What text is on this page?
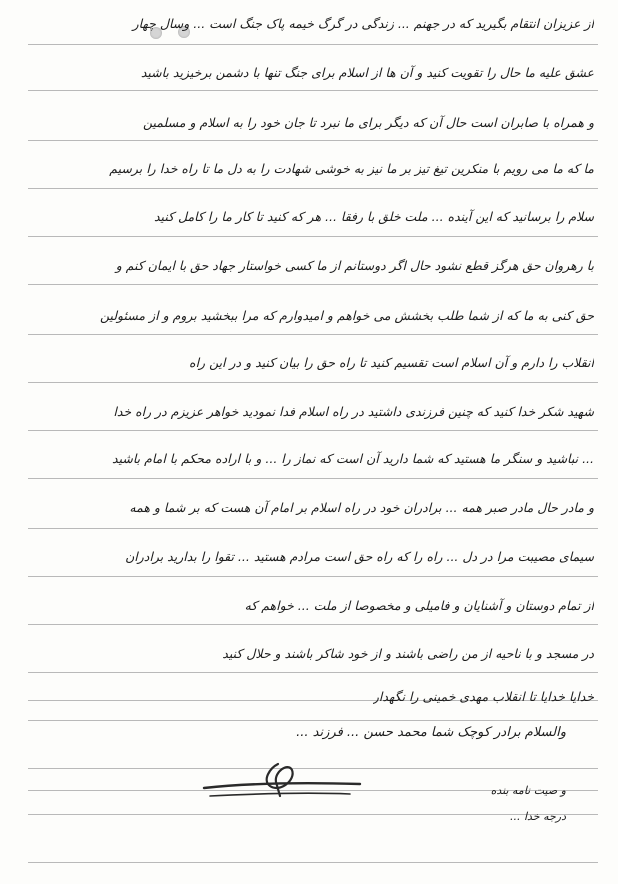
از عزیزان انتقام بگیرید که در جهنم ... زندگی در گرگ خیمه پاک جنگ است ... وسال چهار
عشق علیه ما حال را تقویت کنید و آن ها از اسلام برای جنگ تنها با دشمن برخیزید باشید
و همراه با صابران است حال آن که دیگر برای ما نبرد تا جان خود را به اسلام و مسلمین
ما که ما می رویم با منکرین تیغ تیز بر ما نیز به خوشی شهادت را به دل ما تا راه خدا را برسیم
سلام را برسانید که این آینده ... ملت خلق با رفقا ... هر که کنید تا کار ما را کامل کنید
با رهروان حق هرگز قطع نشود حال اگر دوستانم از ما کسی خواستار جهاد حق با ایمان کنم و
حق کنی به ما که از شما طلب بخشش می خواهم و امیدوارم که مرا ببخشید بروم و از مسئولین
انقلاب را دارم و آن اسلام است تقسیم کنید تا راه حق را بیان کنید و در این راه
شهید شکر خدا کنید که چنین فرزندی داشتید در راه اسلام فدا نمودید خواهر عزیزم در راه خدا
... نباشید و سنگر ما هستید که شما دارید آن است که نماز را ... و با اراده محکم با امام باشید
و مادر حال مادر صبر همه ... برادران خود در راه اسلام بر امام آن هست که بر شما و همه
سیمای مصیبت مرا در دل ... راه را که راه حق است مرادم هستید ... تقوا را بدارید برادران
از تمام دوستان و آشنایان و فامیلی و مخصوصا از ملت ... خواهم که
در مسجد و با ناحیه از من راضی باشند و از خود شاکر باشند و حلال کنید
خدایا خدایا تا انقلاب مهدی خمینی را نگهدار
والسلام برادر کوچک شما محمد حسن ... فرزند ...
و صیت نامه بنده
درجه خدا ...
